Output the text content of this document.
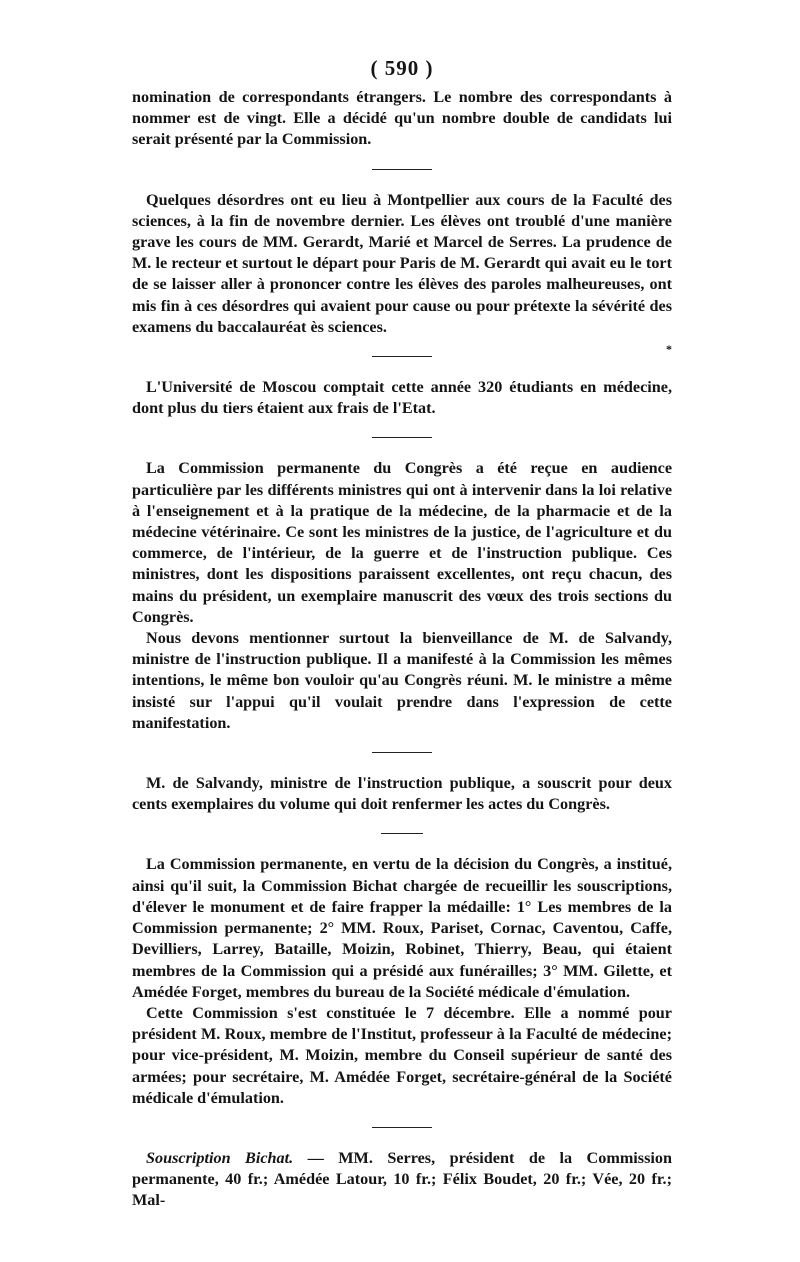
( 590 )

nomination de correspondants étrangers. Le nombre des correspondants à nommer est de vingt. Elle a décidé qu'un nombre double de candidats lui serait présenté par la Commission.

Quelques désordres ont eu lieu à Montpellier aux cours de la Faculté des sciences, à la fin de novembre dernier. Les élèves ont troublé d'une manière grave les cours de MM. Gerardt, Marié et Marcel de Serres. La prudence de M. le recteur et surtout le départ pour Paris de M. Gerardt qui avait eu le tort de se laisser aller à prononcer contre les élèves des paroles malheureuses, ont mis fin à ces désordres qui avaient pour cause ou pour prétexte la sévérité des examens du baccalauréat ès sciences.

*

L'Université de Moscou comptait cette année 320 étudiants en médecine, dont plus du tiers étaient aux frais de l'Etat.

La Commission permanente du Congrès a été reçue en audience particulière par les différents ministres qui ont à intervenir dans la loi relative à l'enseignement et à la pratique de la médecine, de la pharmacie et de la médecine vétérinaire. Ce sont les ministres de la justice, de l'agriculture et du commerce, de l'intérieur, de la guerre et de l'instruction publique. Ces ministres, dont les dispositions paraissent excellentes, ont reçu chacun, des mains du président, un exemplaire manuscrit des vœux des trois sections du Congrès.

Nous devons mentionner surtout la bienveillance de M. de Salvandy, ministre de l'instruction publique. Il a manifesté à la Commission les mêmes intentions, le même bon vouloir qu'au Congrès réuni. M. le ministre a même insisté sur l'appui qu'il voulait prendre dans l'expression de cette manifestation.

M. de Salvandy, ministre de l'instruction publique, a souscrit pour deux cents exemplaires du volume qui doit renfermer les actes du Congrès.

La Commission permanente, en vertu de la décision du Congrès, a institué, ainsi qu'il suit, la Commission Bichat chargée de recueillir les souscriptions, d'élever le monument et de faire frapper la médaille: 1° Les membres de la Commission permanente; 2° MM. Roux, Pariset, Cornac, Caventou, Caffe, Devilliers, Larrey, Bataille, Moizin, Robinet, Thierry, Beau, qui étaient membres de la Commission qui a présidé aux funérailles; 3° MM. Gilette, et Amédée Forget, membres du bureau de la Société médicale d'émulation.

Cette Commission s'est constituée le 7 décembre. Elle a nommé pour président M. Roux, membre de l'Institut, professeur à la Faculté de médecine; pour vice-président, M. Moizin, membre du Conseil supérieur de santé des armées; pour secrétaire, M. Amédée Forget, secrétaire-général de la Société médicale d'émulation.

Souscription Bichat. — MM. Serres, président de la Commission permanente, 40 fr.; Amédée Latour, 10 fr.; Félix Boudet, 20 fr.; Vée, 20 fr.; Mal-
